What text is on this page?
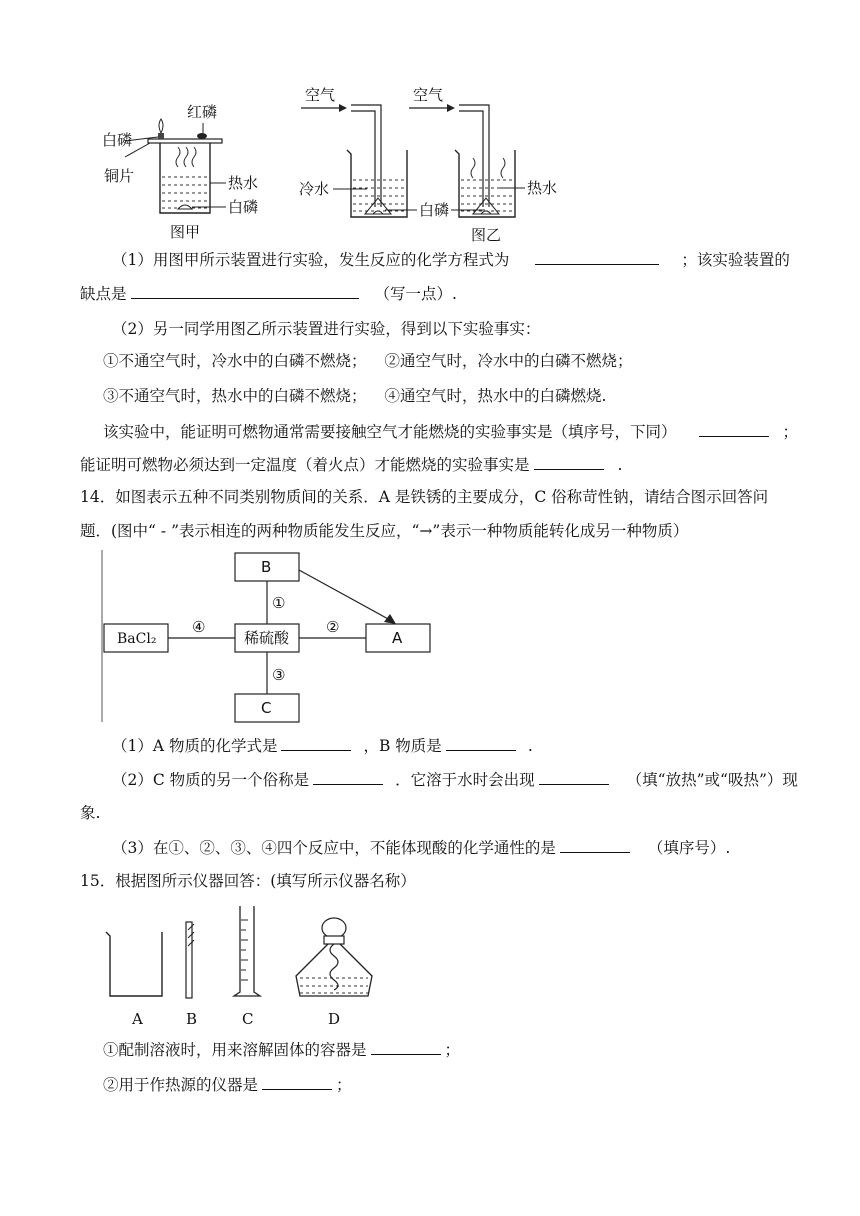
红磷
白磷
铜片	热水
白磷
图甲
空气	空气
冷水
白磷
热水
图乙
（1）用图甲所示装置进行实验，发生反应的化学方程式为	；该实验装置的
缺点是	（写一点）.
（2）另一同学用图乙所示装置进行实验，得到以下实验事实：
①不通空气时，冷水中的白磷不燃烧； ②通空气时，冷水中的白磷不燃烧；
③不通空气时，热水中的白磷不燃烧； ④通空气时，热水中的白磷燃烧.
该实验中，能证明可燃物通常需要接触空气才能燃烧的实验事实是（填序号，下同）	；
能证明可燃物必须达到一定温度（着火点）才能燃烧的实验事实是	.
14．如图表示五种不同类别物质间的关系．A 是铁锈的主要成分，C 俗称苛性钠，请结合图示回答问
题．(图中“ - ”表示相连的两种物质能发生反应，“→”表示一种物质能转化成另一种物质）
B
BaCl₂	稀硫酸	A
C
①
④	②
③
（1）A 物质的化学式是	，B 物质是	.
（2）C 物质的另一个俗称是	．它溶于水时会出现	（填“放热”或“吸热”）现
象.
（3）在①、②、③、④四个反应中，不能体现酸的化学通性的是	（填序号）.
15．根据图所示仪器回答：(填写所示仪器名称）
A	B	C	D
①配制溶液时，用来溶解固体的容器是	；
②用于作热源的仪器是	；
